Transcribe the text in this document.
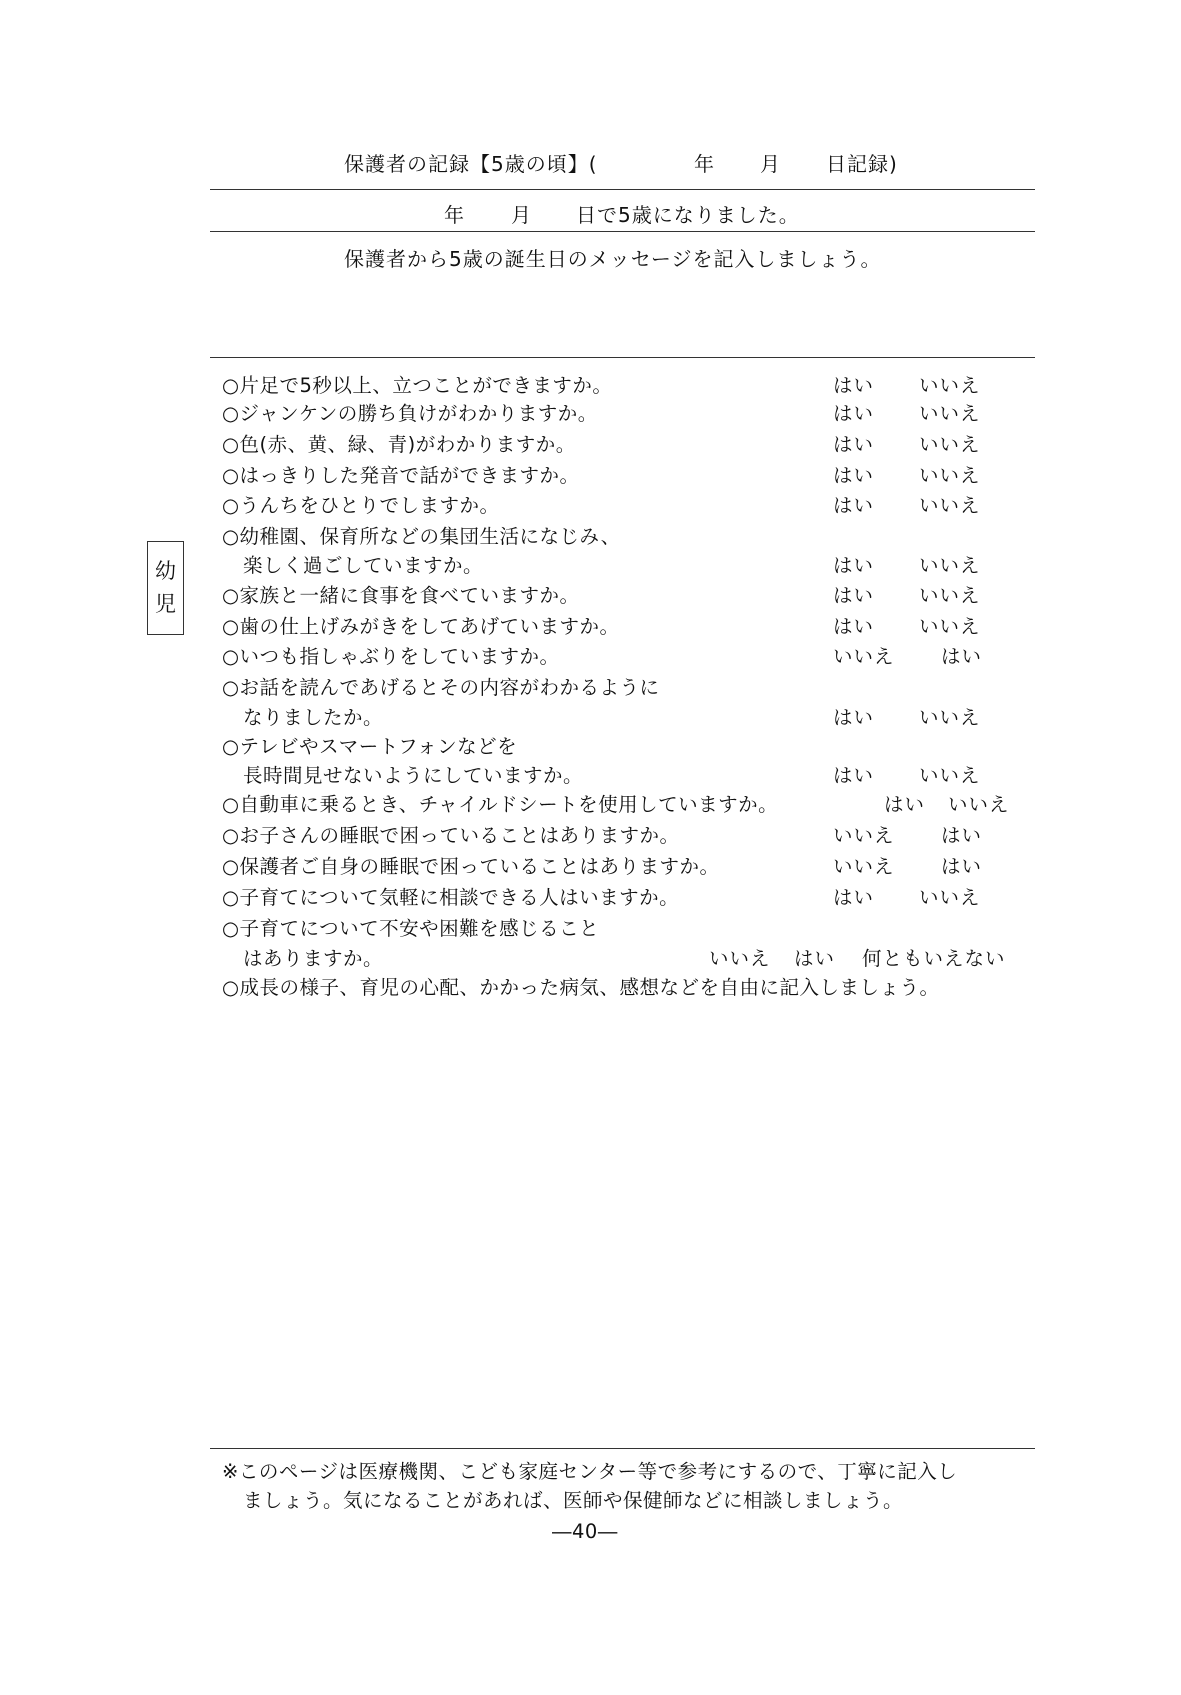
保護者の記録【5歳の頃】(	年 月 日記録)
年 月 日で5歳になりました。
保護者から5歳の誕生日のメッセージを記入しましょう。
幼
児
○片足で5秒以上、立つことができますか。	はい いいえ
○ジャンケンの勝ち負けがわかりますか。	はい いいえ
○色(赤、黄、緑、青)がわかりますか。	はい いいえ
○はっきりした発音で話ができますか。	はい いいえ
○うんちをひとりでしますか。	はい いいえ
○幼稚園、保育所などの集団生活になじみ、
楽しく過ごしていますか。	はい いいえ
○家族と一緒に食事を食べていますか。	はい いいえ
○歯の仕上げみがきをしてあげていますか。	はい いいえ
○いつも指しゃぶりをしていますか。	いいえ はい
○お話を読んであげるとその内容がわかるように
なりましたか。	はい いいえ
○テレビやスマートフォンなどを
長時間見せないようにしていますか。	はい いいえ
○自動車に乗るとき、チャイルドシートを使用していますか。	はい いいえ
○お子さんの睡眠で困っていることはありますか。	いいえ はい
○保護者ご自身の睡眠で困っていることはありますか。	いいえ はい
○子育てについて気軽に相談できる人はいますか。	はい いいえ
○子育てについて不安や困難を感じること
はありますか。	いいえ はい 何ともいえない
○成長の様子、育児の心配、かかった病気、感想などを自由に記入しましょう。
※このページは医療機関、こども家庭センター等で参考にするので、丁寧に記入し
ましょう。気になることがあれば、医師や保健師などに相談しましょう。
―40―
